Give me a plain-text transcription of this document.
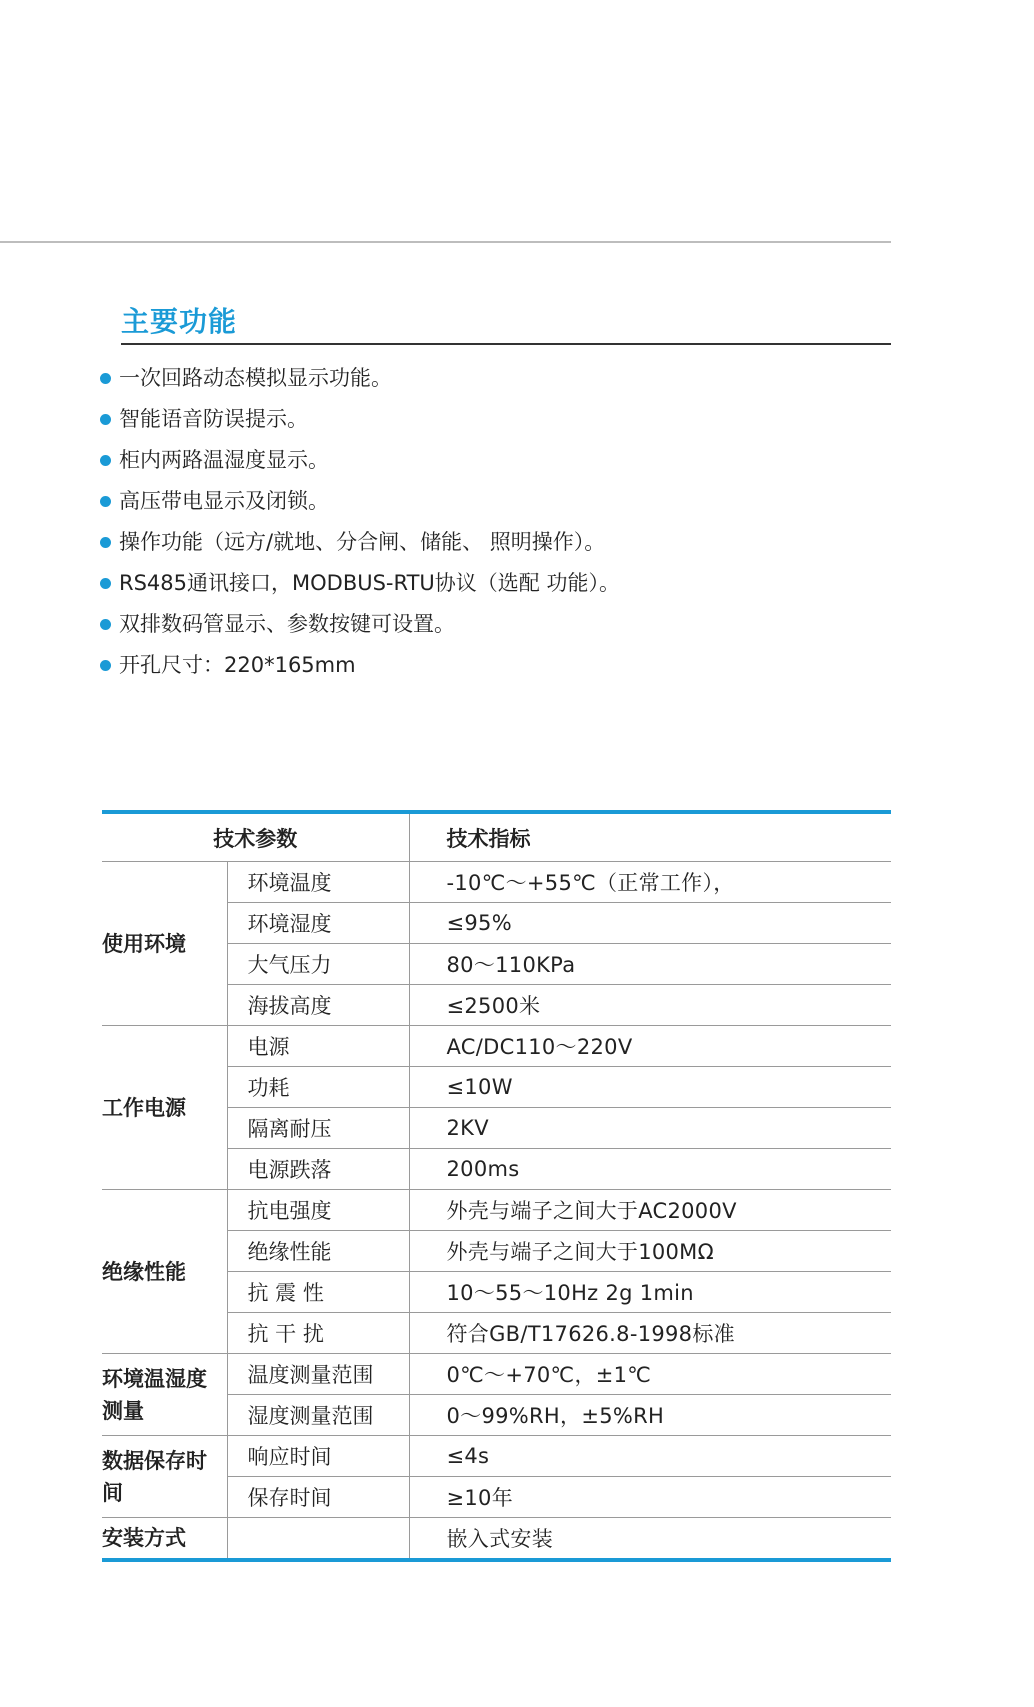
主要功能
一次回路动态模拟显示功能。
智能语音防误提示。
柜内两路温湿度显示。
高压带电显示及闭锁。
操作功能（远方/就地、分合闸、储能、 照明操作）。
RS485通讯接口，MODBUS-RTU协议（选配 功能）。
双排数码管显示、参数按键可设置。
开孔尺寸：220*165mm
技术参数		技术指标
使用环境	环境温度	-10℃～+55℃（正常工作），
	环境湿度	≤95%
	大气压力	80～110KPa
	海拔高度	≤2500米
工作电源	电源	AC/DC110～220V
	功耗	≤10W
	隔离耐压	2KV
	电源跌落	200ms
绝缘性能	抗电强度	外壳与端子之间大于AC2000V
	绝缘性能	外壳与端子之间大于100MΩ
	抗 震 性	10～55～10Hz 2g 1min
	抗 干 扰	符合GB/T17626.8-1998标准
环境温湿度测量	温度测量范围	0℃～+70℃，±1℃
	湿度测量范围	0～99%RH，±5%RH
数据保存时间	响应时间	≤4s
	保存时间	≥10年
安装方式		嵌入式安装
